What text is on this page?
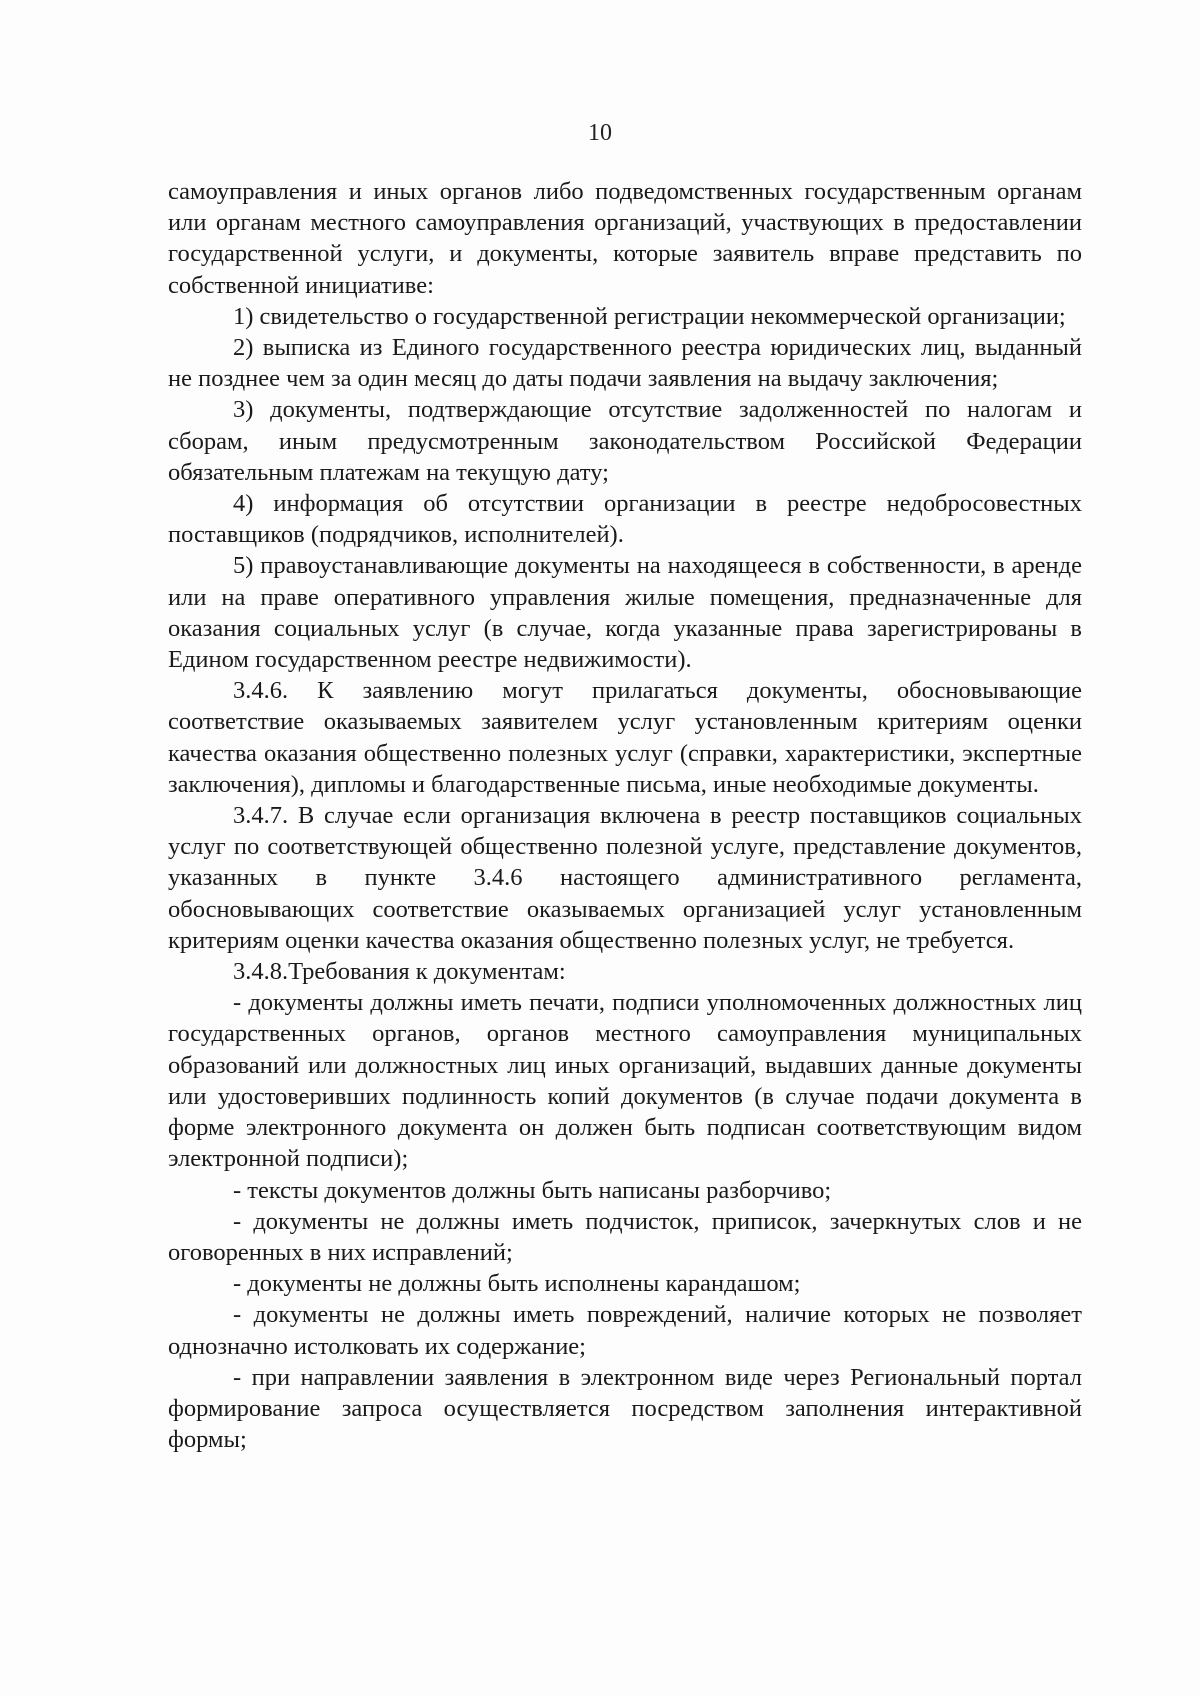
10

самоуправления и иных органов либо подведомственных государственным органам или органам местного самоуправления организаций, участвующих в предоставлении государственной услуги, и документы, которые заявитель вправе представить по собственной инициативе:

1) свидетельство о государственной регистрации некоммерческой организации;

2) выписка из Единого государственного реестра юридических лиц, выданный не позднее чем за один месяц до даты подачи заявления на выдачу заключения;

3) документы, подтверждающие отсутствие задолженностей по налогам и сборам, иным предусмотренным законодательством Российской Федерации обязательным платежам на текущую дату;

4) информация об отсутствии организации в реестре недобросовестных поставщиков (подрядчиков, исполнителей).

5) правоустанавливающие документы на находящееся в собственности, в аренде или на праве оперативного управления жилые помещения, предназначенные для оказания социальных услуг (в случае, когда указанные права зарегистрированы в Едином государственном реестре недвижимости).

3.4.6. К заявлению могут прилагаться документы, обосновывающие соответствие оказываемых заявителем услуг установленным критериям оценки качества оказания общественно полезных услуг (справки, характеристики, экспертные заключения), дипломы и благодарственные письма, иные необходимые документы.

3.4.7. В случае если организация включена в реестр поставщиков социальных услуг по соответствующей общественно полезной услуге, представление документов, указанных в пункте 3.4.6 настоящего административного регламента, обосновывающих соответствие оказываемых организацией услуг установленным критериям оценки качества оказания общественно полезных услуг, не требуется.

3.4.8.Требования к документам:

- документы должны иметь печати, подписи уполномоченных должностных лиц государственных органов, органов местного самоуправления муниципальных образований или должностных лиц иных организаций, выдавших данные документы или удостоверивших подлинность копий документов (в случае подачи документа в форме электронного документа он должен быть подписан соответствующим видом электронной подписи);

- тексты документов должны быть написаны разборчиво;

- документы не должны иметь подчисток, приписок, зачеркнутых слов и не оговоренных в них исправлений;

- документы не должны быть исполнены карандашом;

- документы не должны иметь повреждений, наличие которых не позволяет однозначно истолковать их содержание;

- при направлении заявления в электронном виде через Региональный портал формирование запроса осуществляется посредством заполнения интерактивной формы;
